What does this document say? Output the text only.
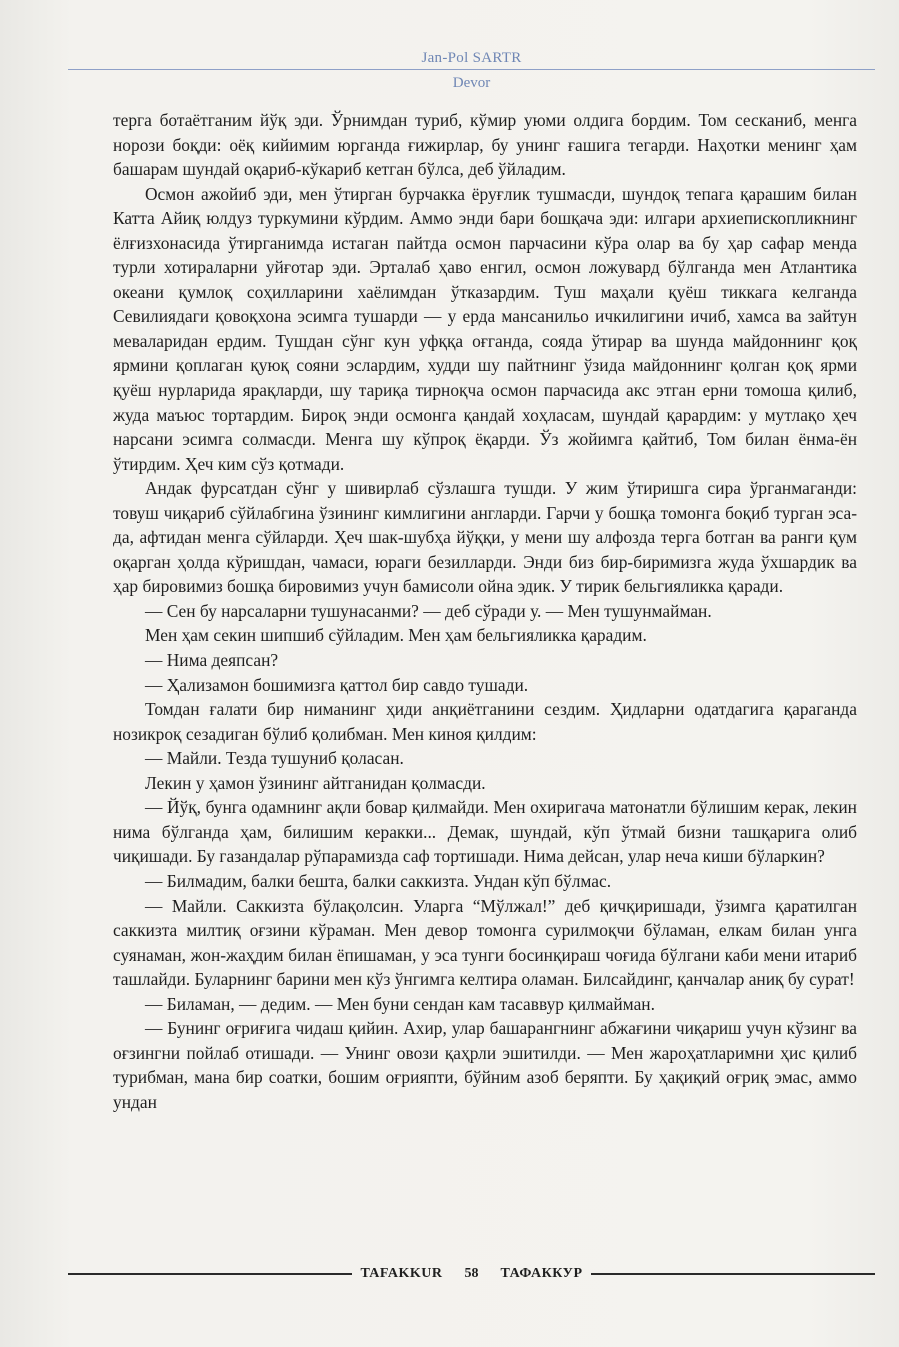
Jan-Pol SARTR
Devor

терга ботаётганим йўқ эди. Ўрнимдан туриб, кўмир уюми олдига бордим. Том сесканиб, менга норози боқди: оёқ кийимим юрганда ғижирлар, бу унинг ғашига тегарди. Наҳотки менинг ҳам башарам шундай оқариб-кўкариб кетган бўлса, деб ўйладим.

Осмон ажойиб эди, мен ўтирган бурчакка ёруғлик тушмасди, шундоқ тепага қарашим билан Катта Айиқ юлдуз туркумини кўрдим. Аммо энди бари бошқача эди: илгари архиепископликнинг ёлғизхонасида ўтирганимда истаган пайтда осмон парчасини кўра олар ва бу ҳар сафар менда турли хотираларни уйғотар эди. Эрталаб ҳаво енгил, осмон ложувард бўлганда мен Атлантика океани қумлоқ соҳилларини хаёлимдан ўтказардим. Туш маҳали қуёш тиккага келганда Севилиядаги қовоқхона эсимга тушарди — у ерда мансанильо ичкилигини ичиб, хамса ва зайтун меваларидан ердим. Тушдан сўнг кун уфққа оғганда, сояда ўтирар ва шунда майдоннинг қоқ ярмини қоплаган қуюқ сояни эслардим, худди шу пайтнинг ўзида майдоннинг қолган қоқ ярми қуёш нурларида ярақларди, шу тариқа тирноқча осмон парчасида акс этган ерни томоша қилиб, жуда маъюс тортардим. Бироқ энди осмонга қандай хоҳласам, шундай қарардим: у мутлақо ҳеч нарсани эсимга солмасди. Менга шу кўпроқ ёқарди. Ўз жойимга қайтиб, Том билан ёнма-ён ўтирдим. Ҳеч ким сўз қотмади.

Андак фурсатдан сўнг у шивирлаб сўзлашга тушди. У жим ўтиришга сира ўрганмаганди: товуш чиқариб сўйлабгина ўзининг кимлигини англарди. Гарчи у бошқа томонга боқиб турган эса-да, афтидан менга сўйларди. Ҳеч шак-шубҳа йўққи, у мени шу алфозда терга ботган ва ранги қум оқарган ҳолда кўришдан, чамаси, юраги безилларди. Энди биз бир-биримизга жуда ўхшардик ва ҳар бировимиз бошқа бировимиз учун бамисоли ойна эдик. У тирик бельгияликка қаради.

— Сен бу нарсаларни тушунасанми? — деб сўради у. — Мен тушунмайман.

Мен ҳам секин шипшиб сўйладим. Мен ҳам бельгияликка қарадим.

— Нима деяпсан?

— Ҳализамон бошимизга қаттол бир савдо тушади.

Томдан ғалати бир ниманинг ҳиди анқиётганини сездим. Ҳидларни одатдагига қараганда нозикроқ сезадиган бўлиб қолибман. Мен киноя қилдим:

— Майли. Тезда тушуниб қоласан.

Лекин у ҳамон ўзининг айтганидан қолмасди.

— Йўқ, бунга одамнинг ақли бовар қилмайди. Мен охиригача матонатли бўлишим керак, лекин нима бўлганда ҳам, билишим керакки... Демак, шундай, кўп ўтмай бизни ташқарига олиб чиқишади. Бу газандалар рўпарамизда саф тортишади. Нима дейсан, улар неча киши бўларкин?

— Билмадим, балки бешта, балки саккизта. Ундан кўп бўлмас.

— Майли. Саккизта бўлақолсин. Уларга “Мўлжал!” деб қичқиришади, ўзимга қаратилган саккизта милтиқ оғзини кўраман. Мен девор томонга сурилмоқчи бўламан, елкам билан унга суянаман, жон-жаҳдим билан ёпишаман, у эса тунги босинқираш чоғида бўлгани каби мени итариб ташлайди. Буларнинг барини мен кўз ўнгимга келтира оламан. Билсайдинг, қанчалар аниқ бу сурат!

— Биламан, — дедим. — Мен буни сендан кам тасаввур қилмайман.

— Бунинг оғриғига чидаш қийин. Ахир, улар башарангнинг абжағини чиқариш учун кўзинг ва оғзингни пойлаб отишади. — Унинг овози қаҳрли эшитилди. — Мен жароҳатларимни ҳис қилиб турибман, мана бир соатки, бошим оғрияпти, бўйним азоб беряпти. Бу ҳақиқий оғриқ эмас, аммо ундан

TAFAKKUR 58 ТАФАККУР
